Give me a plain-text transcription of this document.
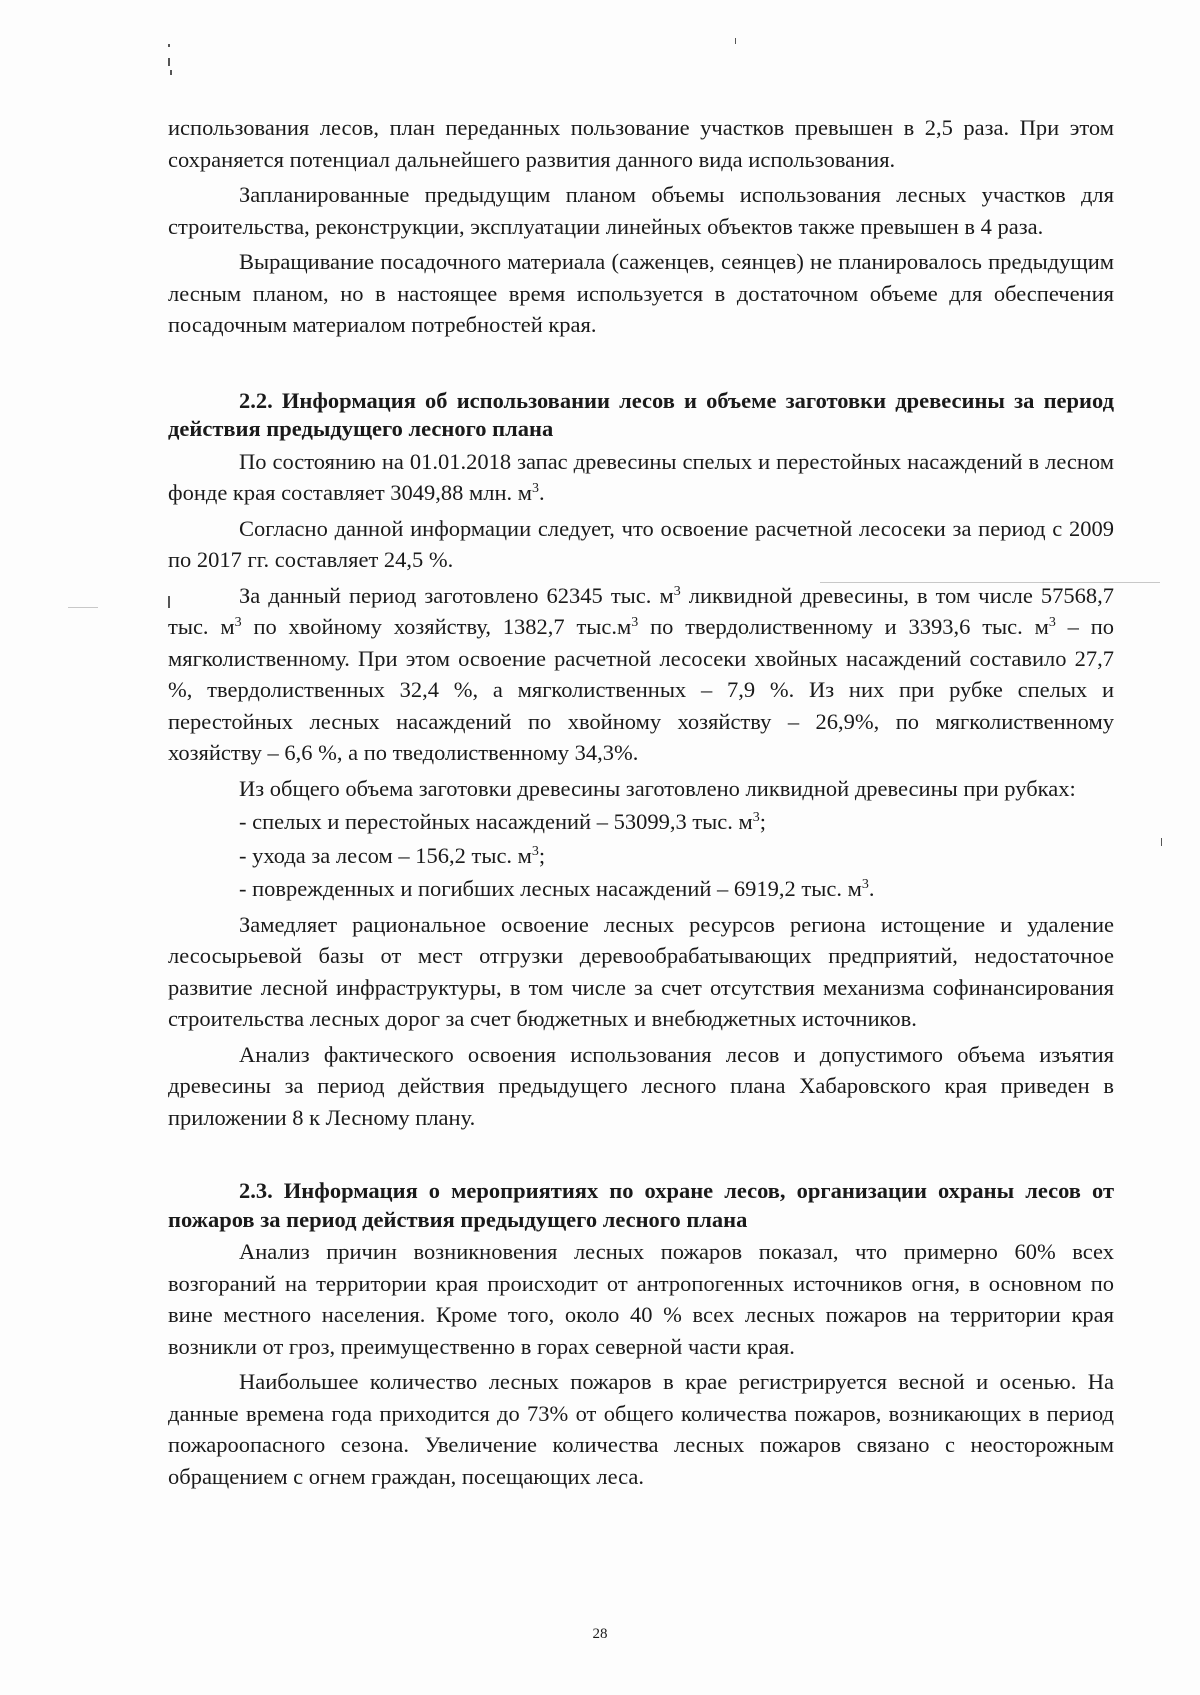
использования лесов, план переданных пользование участков превышен в 2,5 раза. При этом сохраняется потенциал дальнейшего развития данного вида использования.

Запланированные предыдущим планом объемы использования лесных участков для строительства, реконструкции, эксплуатации линейных объектов также превышен в 4 раза.

Выращивание посадочного материала (саженцев, сеянцев) не планировалось предыдущим лесным планом, но в настоящее время используется в достаточном объеме для обеспечения посадочным материалом потребностей края.

2.2. Информация об использовании лесов и объеме заготовки древесины за период действия предыдущего лесного плана

По состоянию на 01.01.2018 запас древесины спелых и перестойных насаждений в лесном фонде края составляет 3049,88 млн. $м^3$.

Согласно данной информации следует, что освоение расчетной лесосеки за период с 2009 по 2017 гг. составляет 24,5 %.

За данный период заготовлено 62345 тыс. $м^3$ ликвидной древесины, в том числе 57568,7 тыс. $м^3$ по хвойному хозяйству, 1382,7 $тыс.м^3$ по твердолиственному и 3393,6 тыс. $м^3$ – по мягколиственному. При этом освоение расчетной лесосеки хвойных насаждений составило 27,7 %, твердолиственных 32,4 %, а мягколиственных – 7,9 %. Из них при рубке спелых и перестойных лесных насаждений по хвойному хозяйству – 26,9%, по мягколиственному хозяйству – 6,6 %, а по тведолиственному 34,3%.

Из общего объема заготовки древесины заготовлено ликвидной древесины при рубках:

- спелых и перестойных насаждений – 53099,3 тыс. $м^3$;

- ухода за лесом – 156,2 тыс. $м^3$;

- поврежденных и погибших лесных насаждений – 6919,2 тыс. $м^3$.

Замедляет рациональное освоение лесных ресурсов региона истощение и удаление лесосырьевой базы от мест отгрузки деревообрабатывающих предприятий, недостаточное развитие лесной инфраструктуры, в том числе за счет отсутствия механизма софинансирования строительства лесных дорог за счет бюджетных и внебюджетных источников.

Анализ фактического освоения использования лесов и допустимого объема изъятия древесины за период действия предыдущего лесного плана Хабаровского края приведен в приложении 8 к Лесному плану.

2.3. Информация о мероприятиях по охране лесов, организации охраны лесов от пожаров за период действия предыдущего лесного плана

Анализ причин возникновения лесных пожаров показал, что примерно 60% всех возгораний на территории края происходит от антропогенных источников огня, в основном по вине местного населения. Кроме того, около 40 % всех лесных пожаров на территории края возникли от гроз, преимущественно в горах северной части края.

Наибольшее количество лесных пожаров в крае регистрируется весной и осенью. На данные времена года приходится до 73% от общего количества пожаров, возникающих в период пожароопасного сезона. Увеличение количества лесных пожаров связано с неосторожным обращением с огнем граждан, посещающих леса.

28
